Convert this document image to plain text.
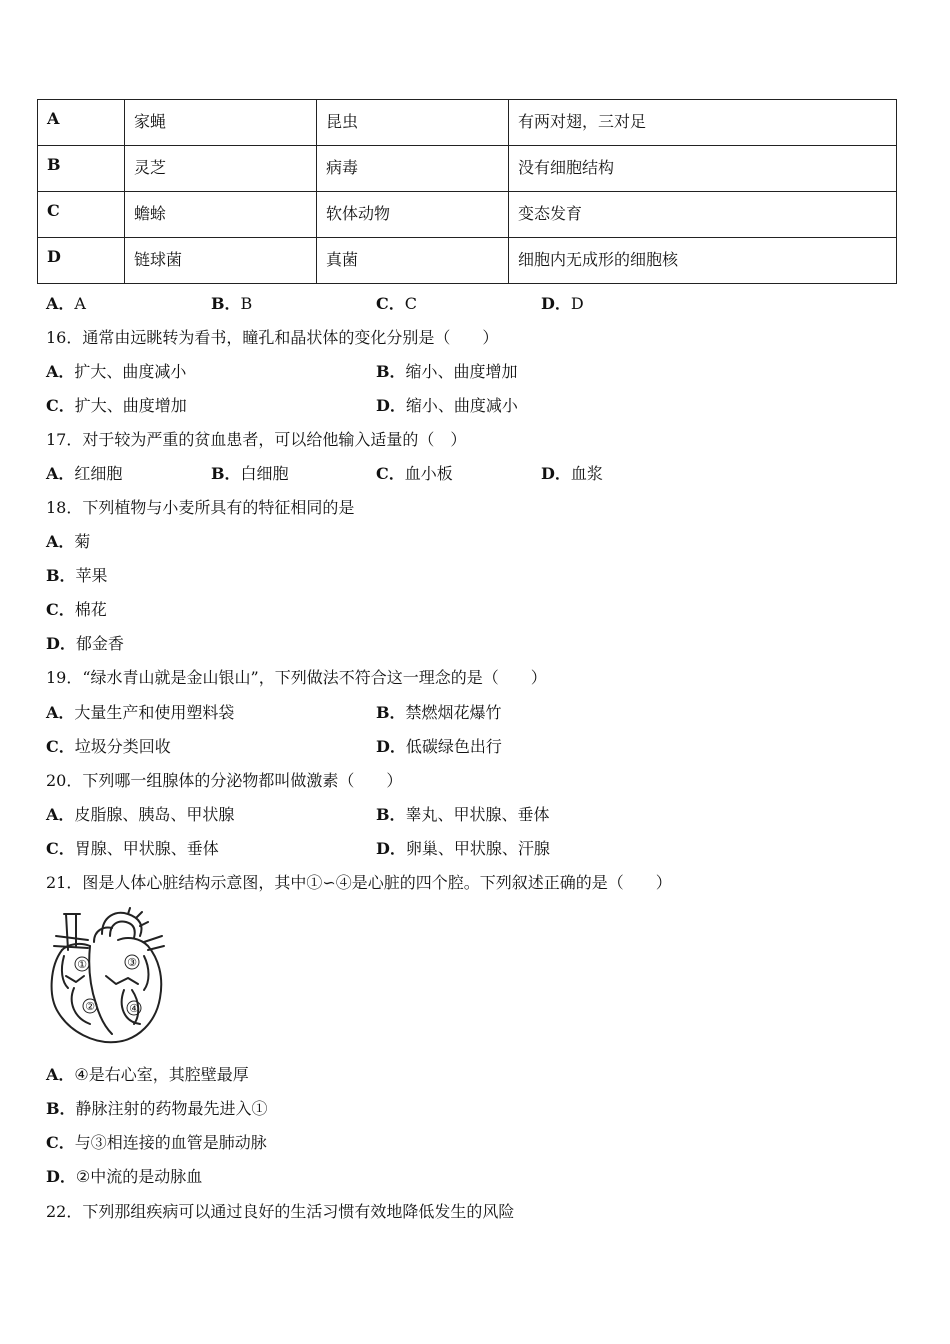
A	家蝇	昆虫	有两对翅，三对足
B	灵芝	病毒	没有细胞结构
C	蟾蜍	软体动物	变态发育
D	链球菌	真菌	细胞内无成形的细胞核
A．A	B．B	C．C	D．D
16．通常由远眺转为看书，瞳孔和晶状体的变化分别是（　　）
A．扩大、曲度减小	B．缩小、曲度增加
C．扩大、曲度增加	D．缩小、曲度减小
17．对于较为严重的贫血患者，可以给他输入适量的（　）
A．红细胞	B．白细胞	C．血小板	D．血浆
18．下列植物与小麦所具有的特征相同的是
A．菊
B．苹果
C．棉花
D．郁金香
19．“绿水青山就是金山银山”，下列做法不符合这一理念的是（　　）
A．大量生产和使用塑料袋	B．禁燃烟花爆竹
C．垃圾分类回收	D．低碳绿色出行
20．下列哪一组腺体的分泌物都叫做激素（　　）
A．皮脂腺、胰岛、甲状腺	B．睾丸、甲状腺、垂体
C．胃腺、甲状腺、垂体	D．卵巢、甲状腺、汗腺
21．图是人体心脏结构示意图，其中①∽④是心脏的四个腔。下列叙述正确的是（　　）
①
②
③
④
A．④是右心室，其腔壁最厚
B．静脉注射的药物最先进入①
C．与③相连接的血管是肺动脉
D．②中流的是动脉血
22．下列那组疾病可以通过良好的生活习惯有效地降低发生的风险
